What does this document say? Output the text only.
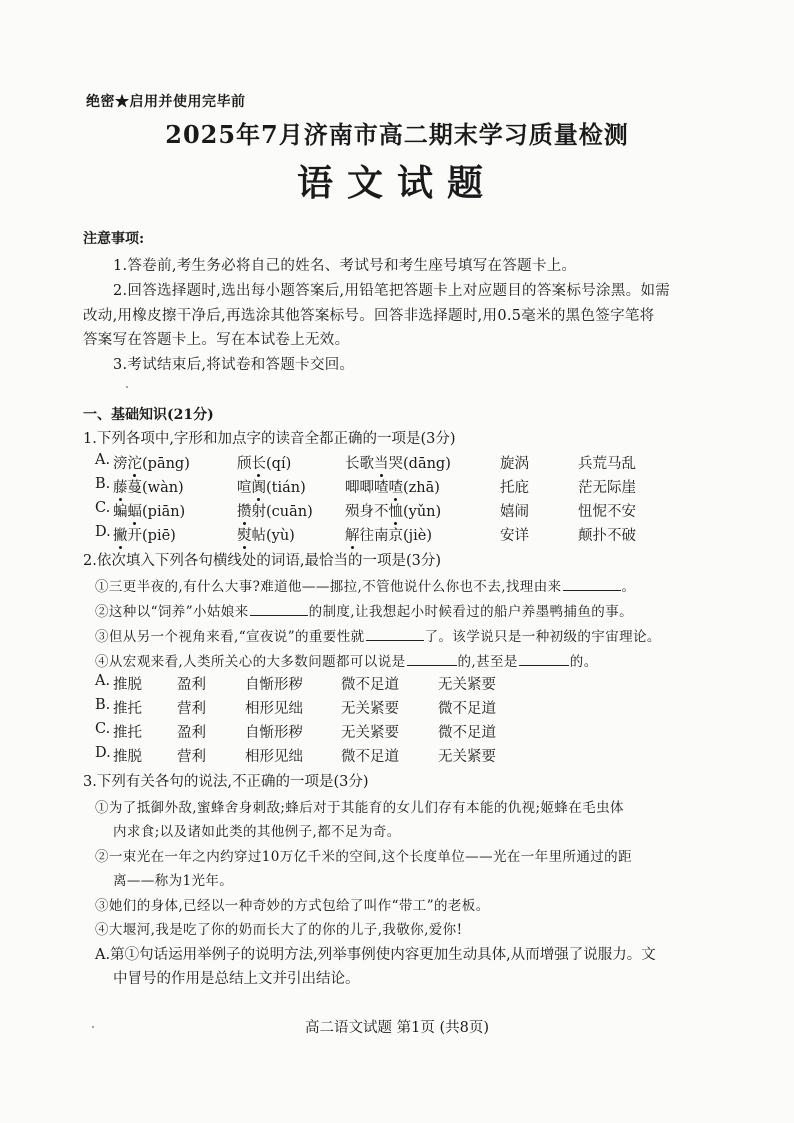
绝密★启用并使用完毕前
2025年7月济南市高二期末学习质量检测
语文试题
注意事项:
1.答卷前,考生务必将自己的姓名、考试号和考生座号填写在答题卡上。
2.回答选择题时,选出每小题答案后,用铅笔把答题卡上对应题目的答案标号涂黑。如需
改动,用橡皮擦干净后,再选涂其他答案标号。回答非选择题时,用0.5毫米的黑色签字笔将
答案写在答题卡上。写在本试卷上无效。
3.考试结束后,将试卷和答题卡交回。
一、基础知识(21分)
1.下列各项中,字形和加点字的读音全都正确的一项是(3分)
A. 滂沱(pāng)	颀长(qí)	长歌当哭(dāng)	旋涡	兵荒马乱
B. 藤蔓(wàn)	喧阗(tián)	唧唧喳喳(zhā)	托庇	茫无际崖
C. 蝙蝠(piān)	攒射(cuān) 殒身不恤(yǔn)	嬉闹	忸怩不安
D. 撇开(piē)	熨帖(yù)	解往南京(jiè)	安详	颠扑不破
2.依次填入下列各句横线处的词语,最恰当的一项是(3分)
①三更半夜的,有什么大事?难道他——挪拉,不管他说什么你也不去,找理由来	。
②这种以“饲养”小姑娘来	的制度,让我想起小时候看过的船户养墨鸭捕鱼的事。
③但从另一个视角来看,“宣夜说”的重要性就	了。该学说只是一种初级的宇宙理论。
④从宏观来看,人类所关心的大多数问题都可以说是	的,甚至是	的。
A. 推脱 盈利	自惭形秽	微不足道	无关紧要
B. 推托 营利	相形见绌	无关紧要	微不足道
C. 推托 盈利	自惭形秽	无关紧要	微不足道
D. 推脱 营利	相形见绌	微不足道	无关紧要
3.下列有关各句的说法,不正确的一项是(3分)
①为了抵御外敌,蜜蜂舍身刺敌;蜂后对于其能育的女儿们存有本能的仇视;姬蜂在毛虫体
内求食;以及诸如此类的其他例子,都不足为奇。
②一束光在一年之内约穿过10万亿千米的空间,这个长度单位——光在一年里所通过的距
离——称为1光年。
③她们的身体,已经以一种奇妙的方式包给了叫作“带工”的老板。
④大堰河,我是吃了你的奶而长大了的你的儿子,我敬你,爱你!
A.第①句话运用举例子的说明方法,列举事例使内容更加生动具体,从而增强了说服力。文
中冒号的作用是总结上文并引出结论。
高二语文试题 第1页 (共8页)
